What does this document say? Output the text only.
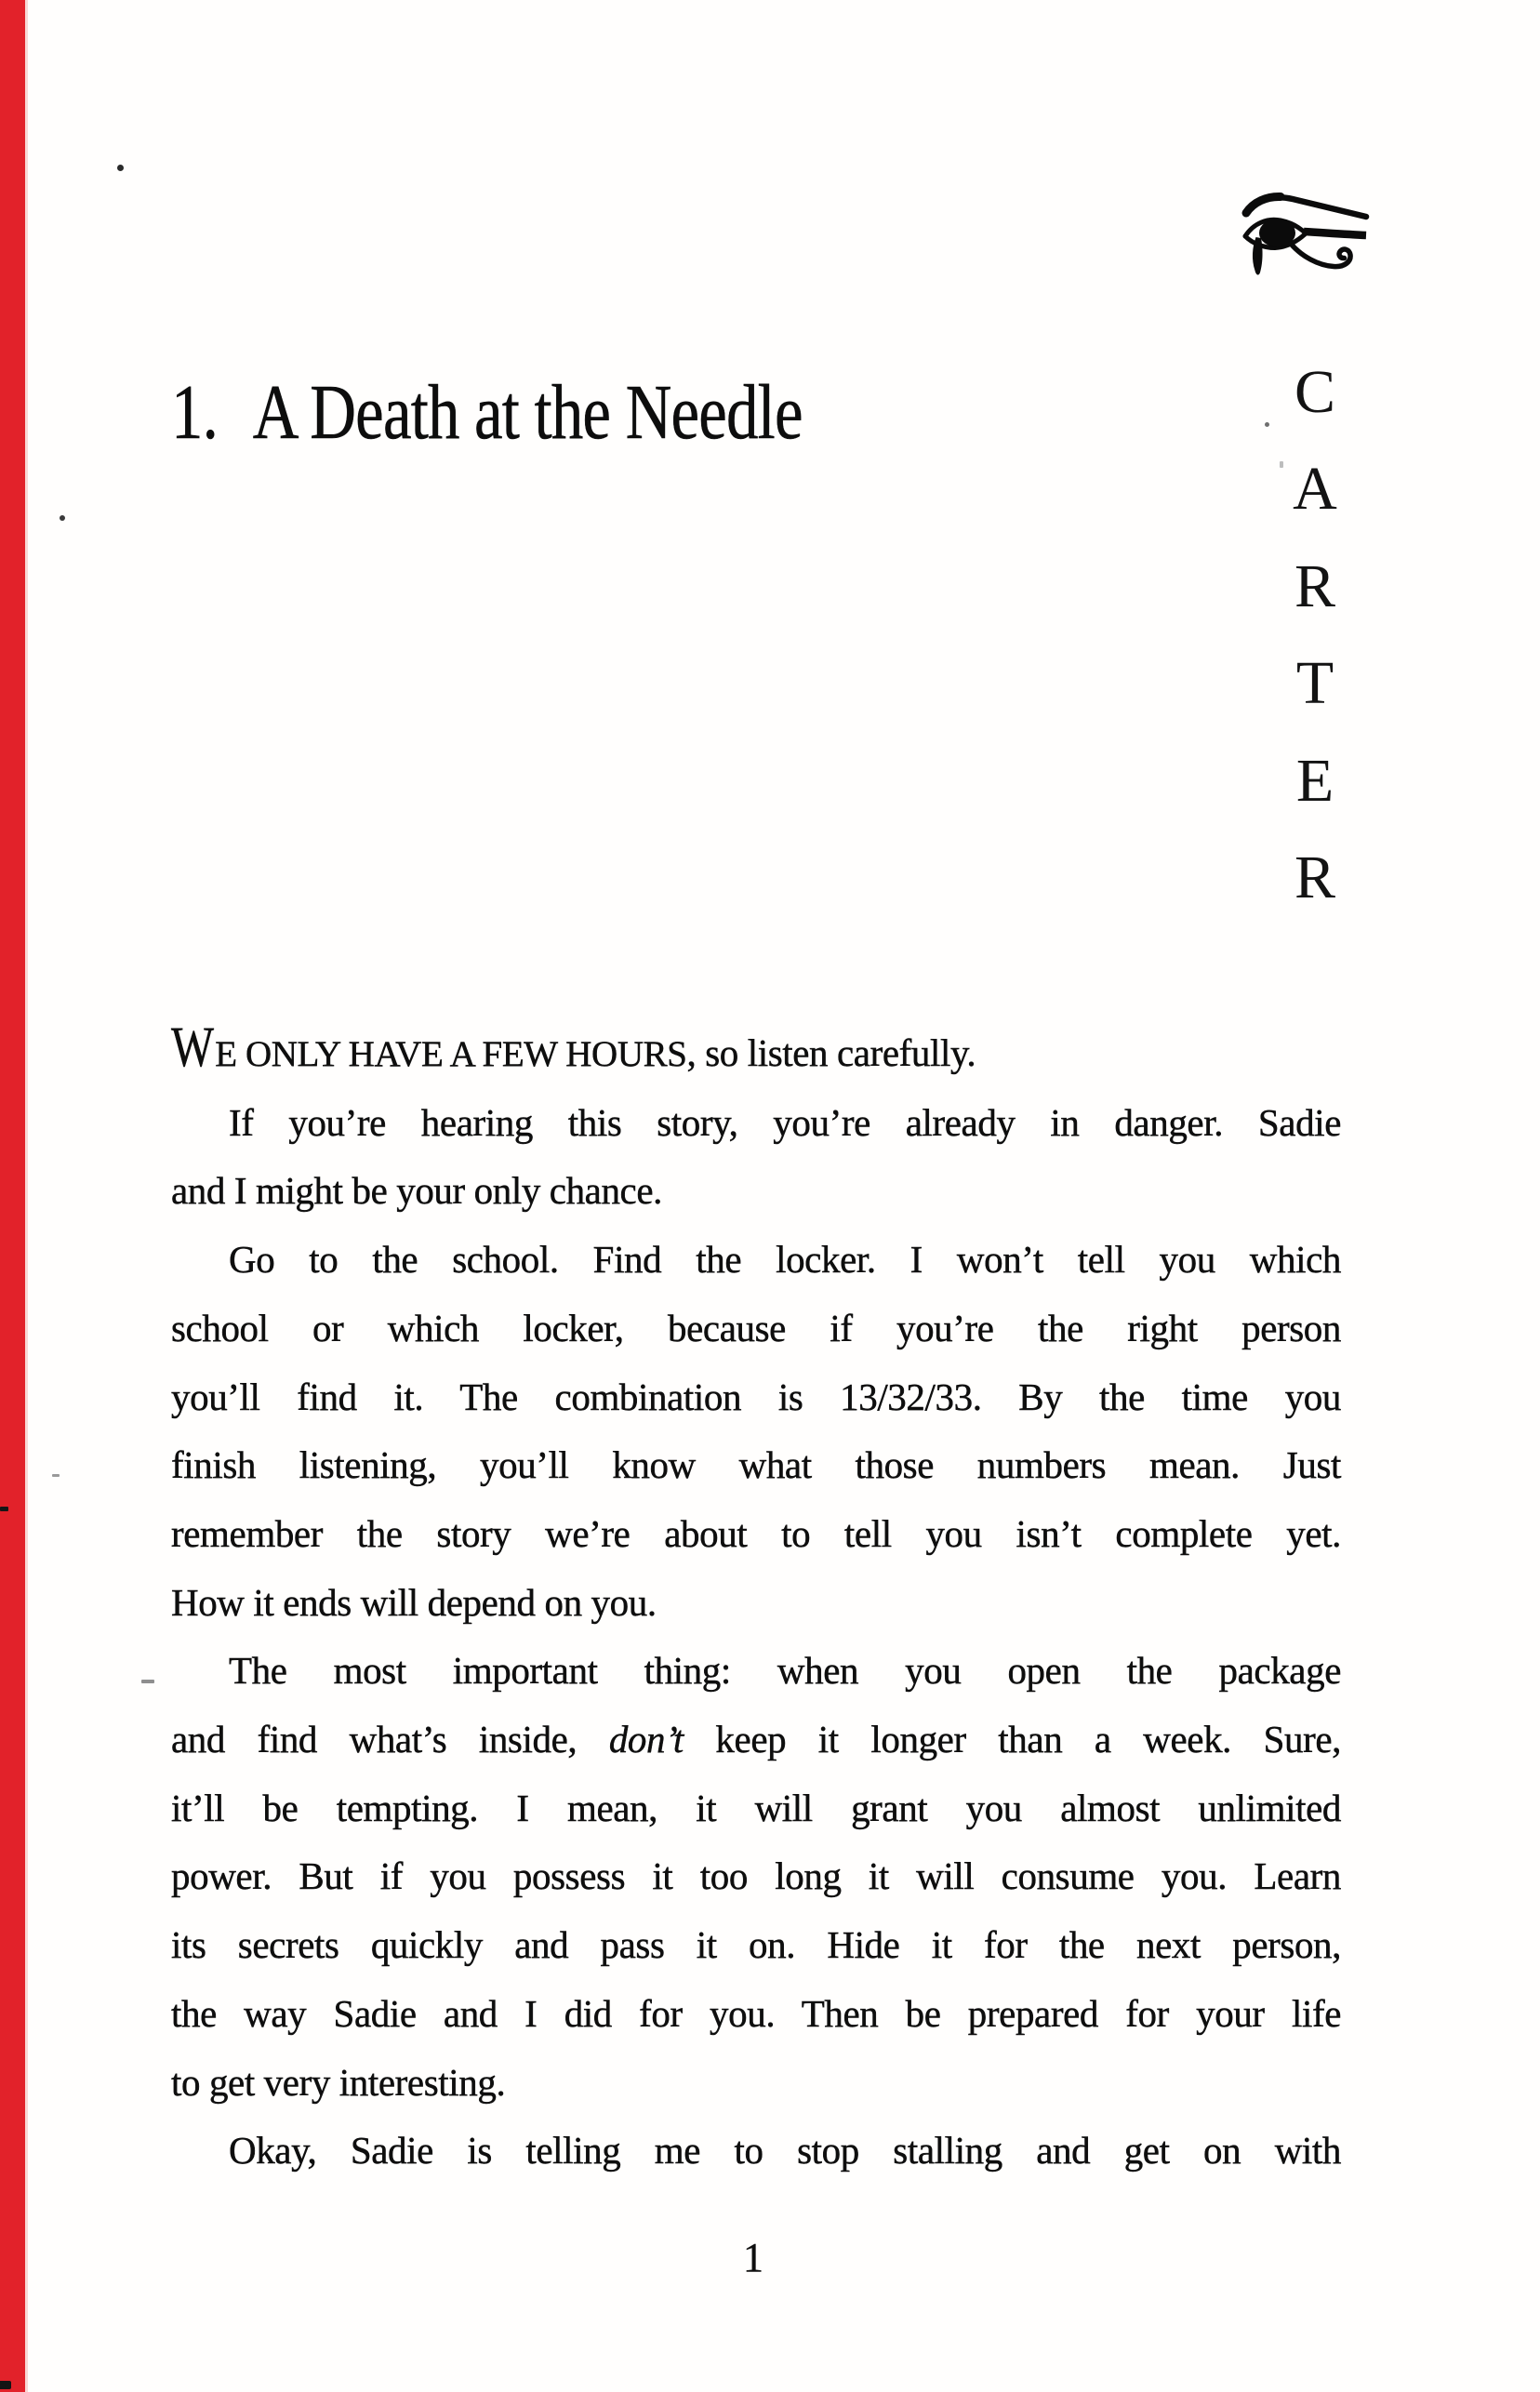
1. A Death at the Needle	C
A
R
T
E
R
WE ONLY HAVE A FEW HOURS, so listen carefully.
If you’re hearing this story, you’re already in danger. Sadie
and I might be your only chance.
Go to the school. Find the locker. I won’t tell you which
school or which locker, because if you’re the right person
you’ll find it. The combination is 13/32/33. By the time you
finish listening, you’ll know what those numbers mean. Just
remember the story we’re about to tell you isn’t complete yet.
How it ends will depend on you.
The most important thing: when you open the package
and find what’s inside, don’t keep it longer than a week. Sure,
it’ll be tempting. I mean, it will grant you almost unlimited
power. But if you possess it too long it will consume you. Learn
its secrets quickly and pass it on. Hide it for the next person,
the way Sadie and I did for you. Then be prepared for your life
to get very interesting.
Okay, Sadie is telling me to stop stalling and get on with
1
